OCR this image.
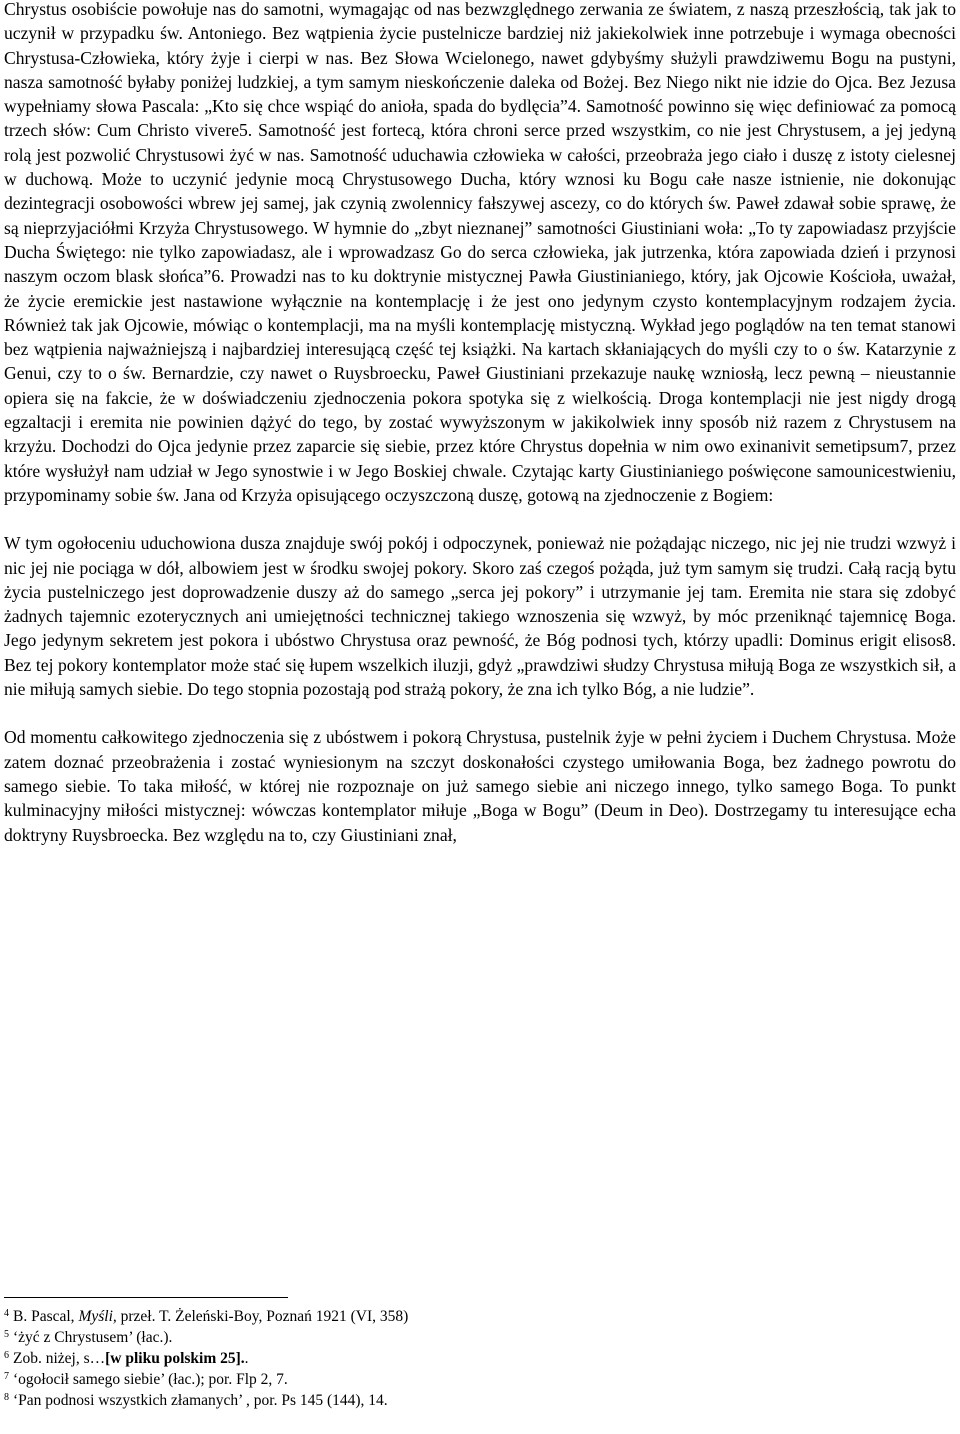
Chrystus osobiście powołuje nas do samotni, wymagając od nas bezwzględnego zerwania ze światem, z naszą przeszłością, tak jak to uczynił w przypadku św. Antoniego. Bez wątpienia życie pustelnicze bardziej niż jakiekolwiek inne potrzebuje i wymaga obecności Chrystusa-Człowieka, który żyje i cierpi w nas. Bez Słowa Wcielonego, nawet gdybyśmy służyli prawdziwemu Bogu na pustyni, nasza samotność byłaby poniżej ludzkiej, a tym samym nieskończenie daleka od Bożej. Bez Niego nikt nie idzie do Ojca. Bez Jezusa wypełniamy słowa Pascala: „Kto się chce wspiąć do anioła, spada do bydlęcia”4. Samotność powinno się więc definiować za pomocą trzech słów: Cum Christo vivere5. Samotność jest fortecą, która chroni serce przed wszystkim, co nie jest Chrystusem, a jej jedyną rolą jest pozwolić Chrystusowi żyć w nas. Samotność uduchawia człowieka w całości, przeobraża jego ciało i duszę z istoty cielesnej w duchową. Może to uczynić jedynie mocą Chrystusowego Ducha, który wznosi ku Bogu całe nasze istnienie, nie dokonując dezintegracji osobowości wbrew jej samej, jak czynią zwolennicy fałszywej ascezy, co do których św. Paweł zdawał sobie sprawę, że są nieprzyjaciółmi Krzyża Chrystusowego. W hymnie do „zbyt nieznanej” samotności Giustiniani woła: „To ty zapowiadasz przyjście Ducha Świętego: nie tylko zapowiadasz, ale i wprowadzasz Go do serca człowieka, jak jutrzenka, która zapowiada dzień i przynosi naszym oczom blask słońca”6. Prowadzi nas to ku doktrynie mistycznej Pawła Giustinianiego, który, jak Ojcowie Kościoła, uważał, że życie eremickie jest nastawione wyłącznie na kontemplację i że jest ono jedynym czysto kontemplacyjnym rodzajem życia. Również tak jak Ojcowie, mówiąc o kontemplacji, ma na myśli kontemplację mistyczną. Wykład jego poglądów na ten temat stanowi bez wątpienia najważniejszą i najbardziej interesującą część tej książki. Na kartach skłaniających do myśli czy to o św. Katarzynie z Genui, czy to o św. Bernardzie, czy nawet o Ruysbroecku, Paweł Giustiniani przekazuje naukę wzniosłą, lecz pewną – nieustannie opiera się na fakcie, że w doświadczeniu zjednoczenia pokora spotyka się z wielkością. Droga kontemplacji nie jest nigdy drogą egzaltacji i eremita nie powinien dążyć do tego, by zostać wywyższonym w jakikolwiek inny sposób niż razem z Chrystusem na krzyżu. Dochodzi do Ojca jedynie przez zaparcie się siebie, przez które Chrystus dopełnia w nim owo exinanivit semetipsum7, przez które wysłużył nam udział w Jego synostwie i w Jego Boskiej chwale. Czytając karty Giustinianiego poświęcone samounicestwieniu, przypominamy sobie św. Jana od Krzyża opisującego oczyszczoną duszę, gotową na zjednoczenie z Bogiem:

W tym ogołoceniu uduchowiona dusza znajduje swój pokój i odpoczynek, ponieważ nie pożądając niczego, nic jej nie trudzi wzwyż i nic jej nie pociąga w dół, albowiem jest w środku swojej pokory. Skoro zaś czegoś pożąda, już tym samym się trudzi. Całą racją bytu życia pustelniczego jest doprowadzenie duszy aż do samego „serca jej pokory” i utrzymanie jej tam. Eremita nie stara się zdobyć żadnych tajemnic ezoterycznych ani umiejętności technicznej takiego wznoszenia się wzwyż, by móc przeniknąć tajemnicę Boga. Jego jedynym sekretem jest pokora i ubóstwo Chrystusa oraz pewność, że Bóg podnosi tych, którzy upadli: Dominus erigit elisos8. Bez tej pokory kontemplator może stać się łupem wszelkich iluzji, gdyż „prawdziwi słudzy Chrystusa miłują Boga ze wszystkich sił, a nie miłują samych siebie. Do tego stopnia pozostają pod strażą pokory, że zna ich tylko Bóg, a nie ludzie”.

Od momentu całkowitego zjednoczenia się z ubóstwem i pokorą Chrystusa, pustelnik żyje w pełni życiem i Duchem Chrystusa. Może zatem doznać przeobrażenia i zostać wyniesionym na szczyt doskonałości czystego umiłowania Boga, bez żadnego powrotu do samego siebie. To taka miłość, w której nie rozpoznaje on już samego siebie ani niczego innego, tylko samego Boga. To punkt kulminacyjny miłości mistycznej: wówczas kontemplator miłuje „Boga w Bogu” (Deum in Deo). Dostrzegamy tu interesujące echa doktryny Ruysbroecka. Bez względu na to, czy Giustiniani znał,

$^4$ B. Pascal, Myśli, przeł. T. Żeleński-Boy, Poznań 1921 (VI, 358)

$^5$ ‘żyć z Chrystusem’ (łac.).

$^6$ Zob. niżej, s…[w pliku polskim 25]..

$^7$ ‘ogołocił samego siebie’ (łac.); por. Flp 2, 7.

$^8$ ‘Pan podnosi wszystkich złamanych’ , por. Ps 145 (144), 14.
